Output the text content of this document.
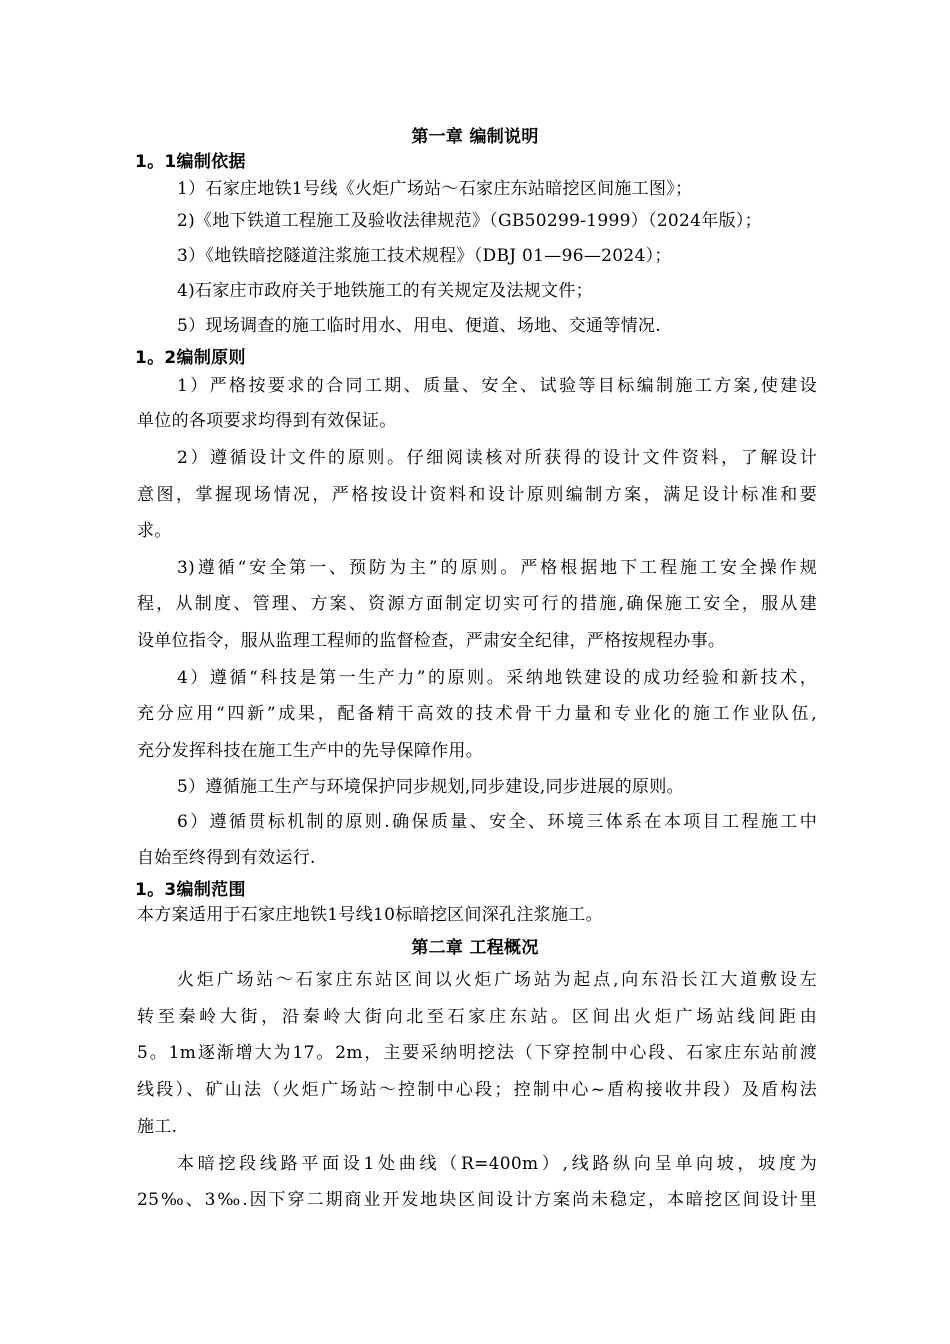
第一章 编制说明
1。1编制依据
1）石家庄地铁1号线《火炬广场站～石家庄东站暗挖区间施工图》；
2)《地下铁道工程施工及验收法律规范》（GB50299-1999）（2024年版）；
3）《地铁暗挖隧道注浆施工技术规程》（DBJ 01—96—2024）；
4)石家庄市政府关于地铁施工的有关规定及法规文件；
5）现场调查的施工临时用水、用电、便道、场地、交通等情况.
1。2编制原则
1）严格按要求的合同工期、质量、安全、试验等目标编制施工方案,使建设
单位的各项要求均得到有效保证。
2）遵循设计文件的原则。仔细阅读核对所获得的设计文件资料，了解设计
意图，掌握现场情况，严格按设计资料和设计原则编制方案，满足设计标准和要
求。
3)遵循“安全第一、预防为主”的原则。严格根据地下工程施工安全操作规
程，从制度、管理、方案、资源方面制定切实可行的措施,确保施工安全，服从建
设单位指令，服从监理工程师的监督检查，严肃安全纪律，严格按规程办事。
4）遵循“科技是第一生产力”的原则。采纳地铁建设的成功经验和新技术，
充分应用“四新”成果，配备精干高效的技术骨干力量和专业化的施工作业队伍,
充分发挥科技在施工生产中的先导保障作用。
5）遵循施工生产与环境保护同步规划,同步建设,同步进展的原则。
6）遵循贯标机制的原则.确保质量、安全、环境三体系在本项目工程施工中
自始至终得到有效运行.
1。3编制范围
本方案适用于石家庄地铁1号线10标暗挖区间深孔注浆施工。
第二章 工程概况
火炬广场站～石家庄东站区间以火炬广场站为起点,向东沿长江大道敷设左
转至秦岭大街，沿秦岭大街向北至石家庄东站。区间出火炬广场站线间距由
5。1m逐渐增大为17。2m，主要采纳明挖法（下穿控制中心段、石家庄东站前渡
线段）、矿山法（火炬广场站～控制中心段；控制中心~盾构接收井段）及盾构法
施工.
本暗挖段线路平面设1处曲线（R=400m）,线路纵向呈单向坡，坡度为
25‰、3‰.因下穿二期商业开发地块区间设计方案尚未稳定，本暗挖区间设计里
